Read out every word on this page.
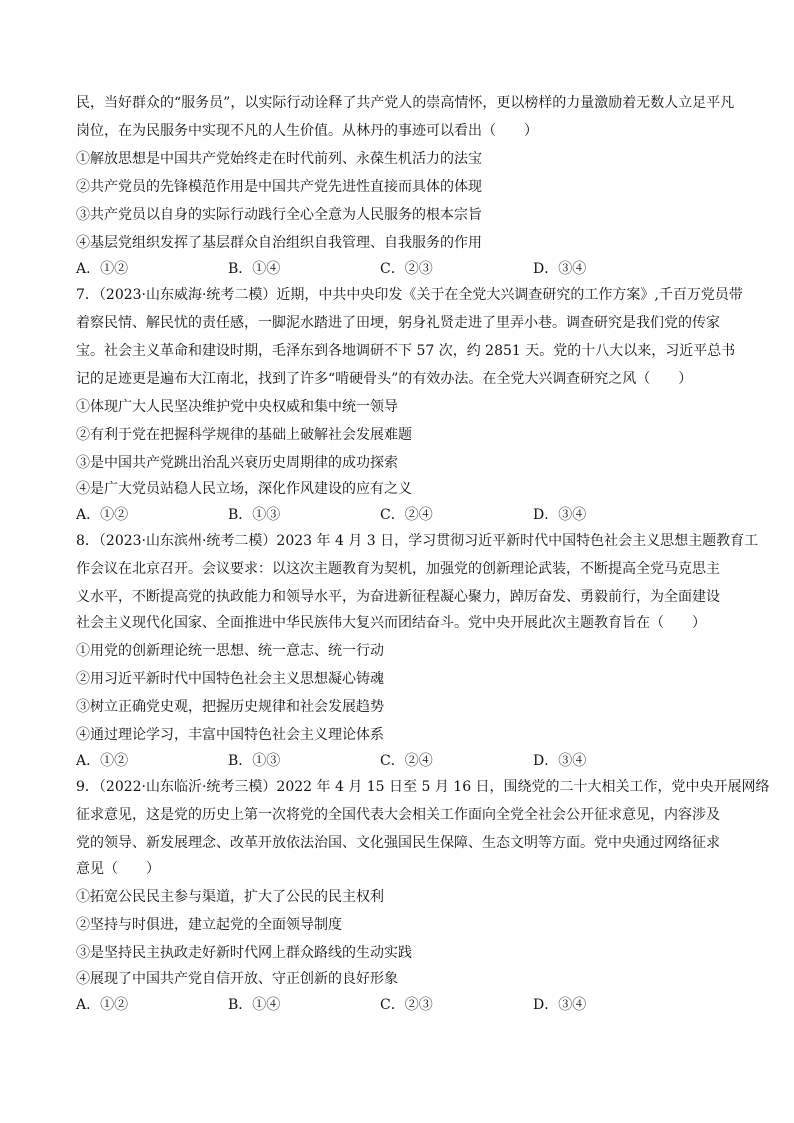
民，当好群众的“服务员”，以实际行动诠释了共产党人的崇高情怀，更以榜样的力量激励着无数人立足平凡
岗位，在为民服务中实现不凡的人生价值。从林丹的事迹可以看出（　　）
①解放思想是中国共产党始终走在时代前列、永葆生机活力的法宝
②共产党员的先锋模范作用是中国共产党先进性直接而具体的体现
③共产党员以自身的实际行动践行全心全意为人民服务的根本宗旨
④基层党组织发挥了基层群众自治组织自我管理、自我服务的作用
A．①②	B．①④	C．②③	D．③④
7．（2023·山东威海·统考二模）近期，中共中央印发《关于在全党大兴调查研究的工作方案》,千百万党员带
着察民情、解民忧的责任感，一脚泥水踏进了田埂，躬身礼贤走进了里弄小巷。调查研究是我们党的传家
宝。社会主义革命和建设时期，毛泽东到各地调研不下 57 次，约 2851 天。党的十八大以来，习近平总书
记的足迹更是遍布大江南北，找到了许多“啃硬骨头”的有效办法。在全党大兴调查研究之风（　　）
①体现广大人民坚决维护党中央权威和集中统一领导
②有利于党在把握科学规律的基础上破解社会发展难题
③是中国共产党跳出治乱兴衰历史周期律的成功探索
④是广大党员站稳人民立场，深化作风建设的应有之义
A．①②	B．①③	C．②④	D．③④
8．（2023·山东滨州·统考二模）2023 年 4 月 3 日，学习贯彻习近平新时代中国特色社会主义思想主题教育工
作会议在北京召开。会议要求：以这次主题教育为契机，加强党的创新理论武装，不断提高全党马克思主
义水平，不断提高党的执政能力和领导水平，为奋进新征程凝心聚力，踔厉奋发、勇毅前行，为全面建设
社会主义现代化国家、全面推进中华民族伟大复兴而团结奋斗。党中央开展此次主题教育旨在（　　）
①用党的创新理论统一思想、统一意志、统一行动
②用习近平新时代中国特色社会主义思想凝心铸魂
③树立正确党史观，把握历史规律和社会发展趋势
④通过理论学习，丰富中国特色社会主义理论体系
A．①②	B．①③	C．②④	D．③④
9．（2022·山东临沂·统考三模）2022 年 4 月 15 日至 5 月 16 日，围绕党的二十大相关工作，党中央开展网络
征求意见，这是党的历史上第一次将党的全国代表大会相关工作面向全党全社会公开征求意见，内容涉及
党的领导、新发展理念、改革开放依法治国、文化强国民生保障、生态文明等方面。党中央通过网络征求
意见（　　）
①拓宽公民民主参与渠道，扩大了公民的民主权利
②坚持与时俱进，建立起党的全面领导制度
③是坚持民主执政走好新时代网上群众路线的生动实践
④展现了中国共产党自信开放、守正创新的良好形象
A．①②	B．①④	C．②③	D．③④
